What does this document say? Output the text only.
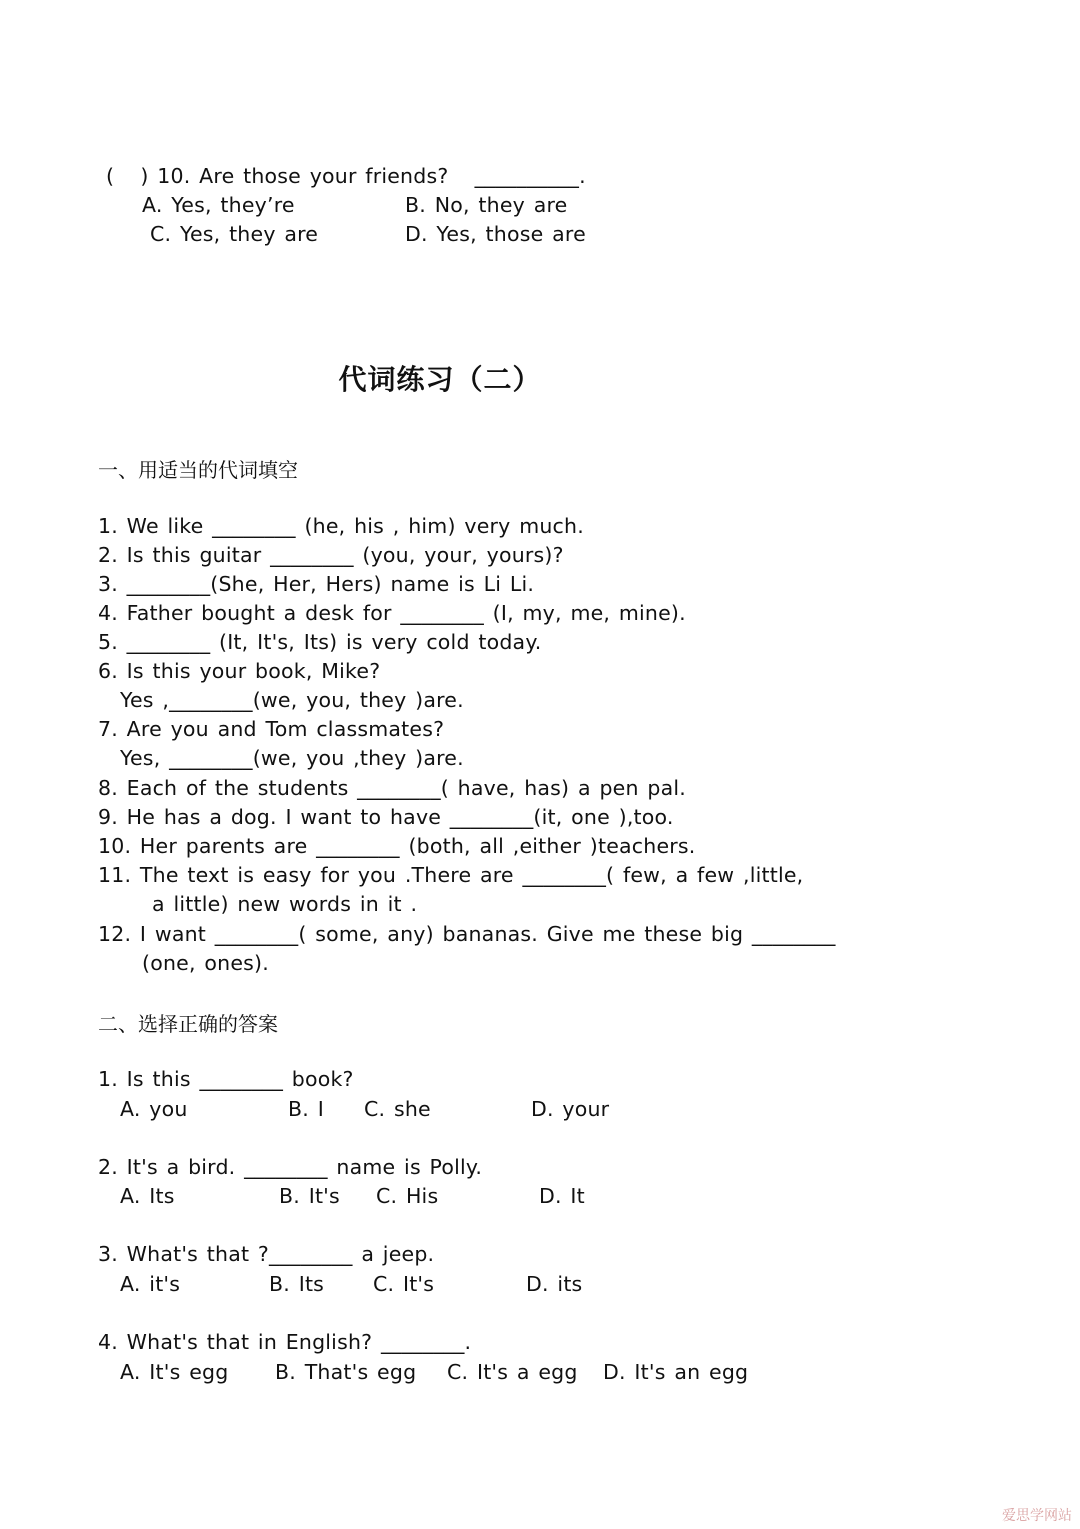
(   ) 10. Are those your friends?   __________.
A. Yes, they’re	B. No, they are
C. Yes, they are	D. Yes, those are
代词练习（二）
一、用适当的代词填空
1. We like ________ (he, his , him) very much.
2. Is this guitar ________ (you, your, yours)?
3. ________(She, Her, Hers) name is Li Li.
4. Father bought a desk for ________ (I, my, me, mine).
5. ________ (It, It's, Its) is very cold today.
6. Is this your book, Mike?
Yes ,________(we, you, they )are.
7. Are you and Tom classmates?
Yes, ________(we, you ,they )are.
8. Each of the students ________( have, has) a pen pal.
9. He has a dog. I want to have ________(it, one ),too.
10. Her parents are ________ (both, all ,either )teachers.
11. The text is easy for you .There are ________( few, a few ,little,
a little) new words in it .
12. I want ________( some, any) bananas. Give me these big ________
(one, ones).
二、选择正确的答案
1. Is this ________ book?
A. you	B. I C. she	D. your
2. It's a bird. ________ name is Polly.
A. Its	B. It's C. His	D. It
3. What's that ?________ a jeep.
A. it's	B. Its C. It's	D. its
4. What's that in English? ________.
A. It's egg B. That's egg C. It's a egg D. It's an egg
爱思学网站
